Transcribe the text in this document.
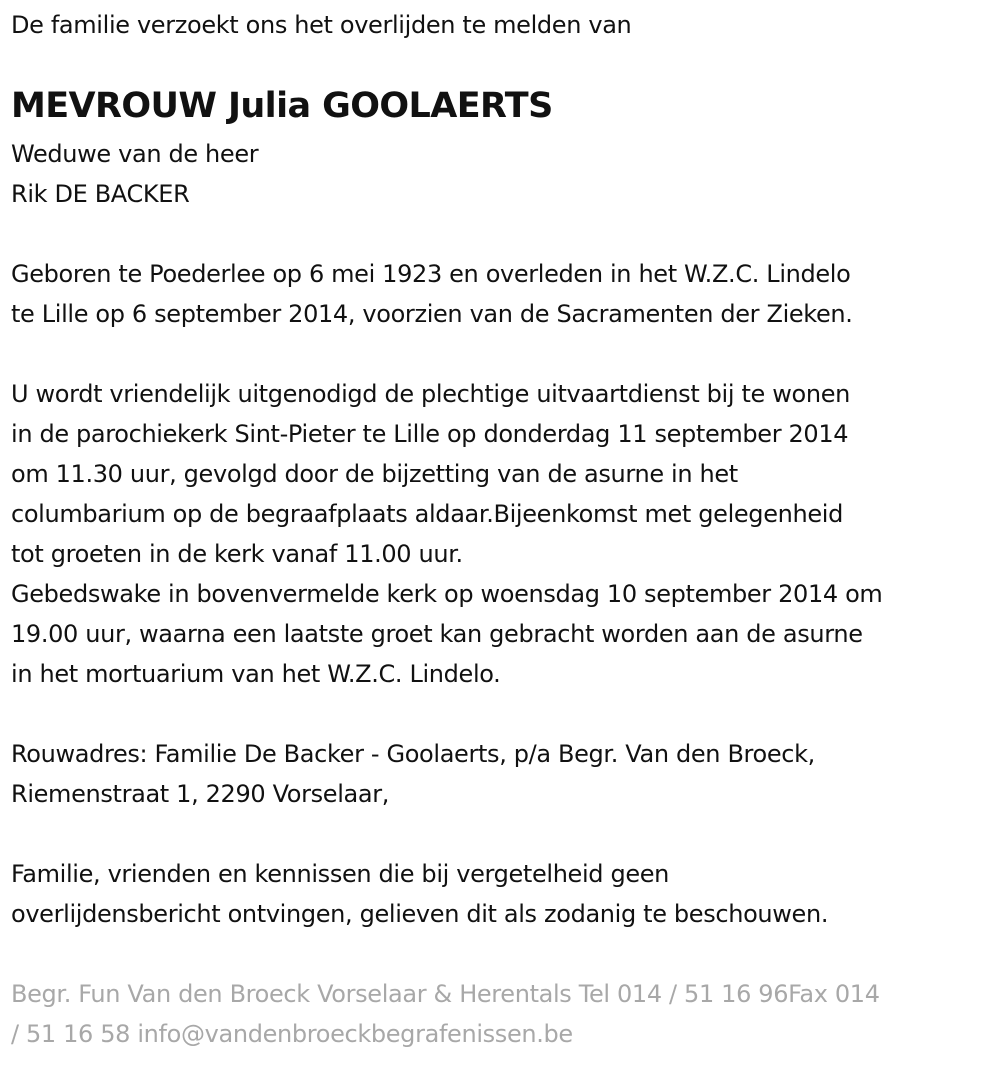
De familie verzoekt ons het overlijden te melden van
MEVROUW Julia GOOLAERTS
Weduwe van de heer
Rik DE BACKER
Geboren te Poederlee op 6 mei 1923 en overleden in het W.Z.C. Lindelo
te Lille op 6 september 2014, voorzien van de Sacramenten der Zieken.
U wordt vriendelijk uitgenodigd de plechtige uitvaartdienst bij te wonen
in de parochiekerk Sint-Pieter te Lille op donderdag 11 september 2014
om 11.30 uur, gevolgd door de bijzetting van de asurne in het
columbarium op de begraafplaats aldaar.Bijeenkomst met gelegenheid
tot groeten in de kerk vanaf 11.00 uur.
Gebedswake in bovenvermelde kerk op woensdag 10 september 2014 om
19.00 uur, waarna een laatste groet kan gebracht worden aan de asurne
in het mortuarium van het W.Z.C. Lindelo.
Rouwadres: Familie De Backer - Goolaerts, p/a Begr. Van den Broeck,
Riemenstraat 1, 2290 Vorselaar,
Familie, vrienden en kennissen die bij vergetelheid geen
overlijdensbericht ontvingen, gelieven dit als zodanig te beschouwen.
Begr. Fun Van den Broeck Vorselaar & Herentals Tel 014 / 51 16 96Fax 014
/ 51 16 58 info@vandenbroeckbegrafenissen.be
